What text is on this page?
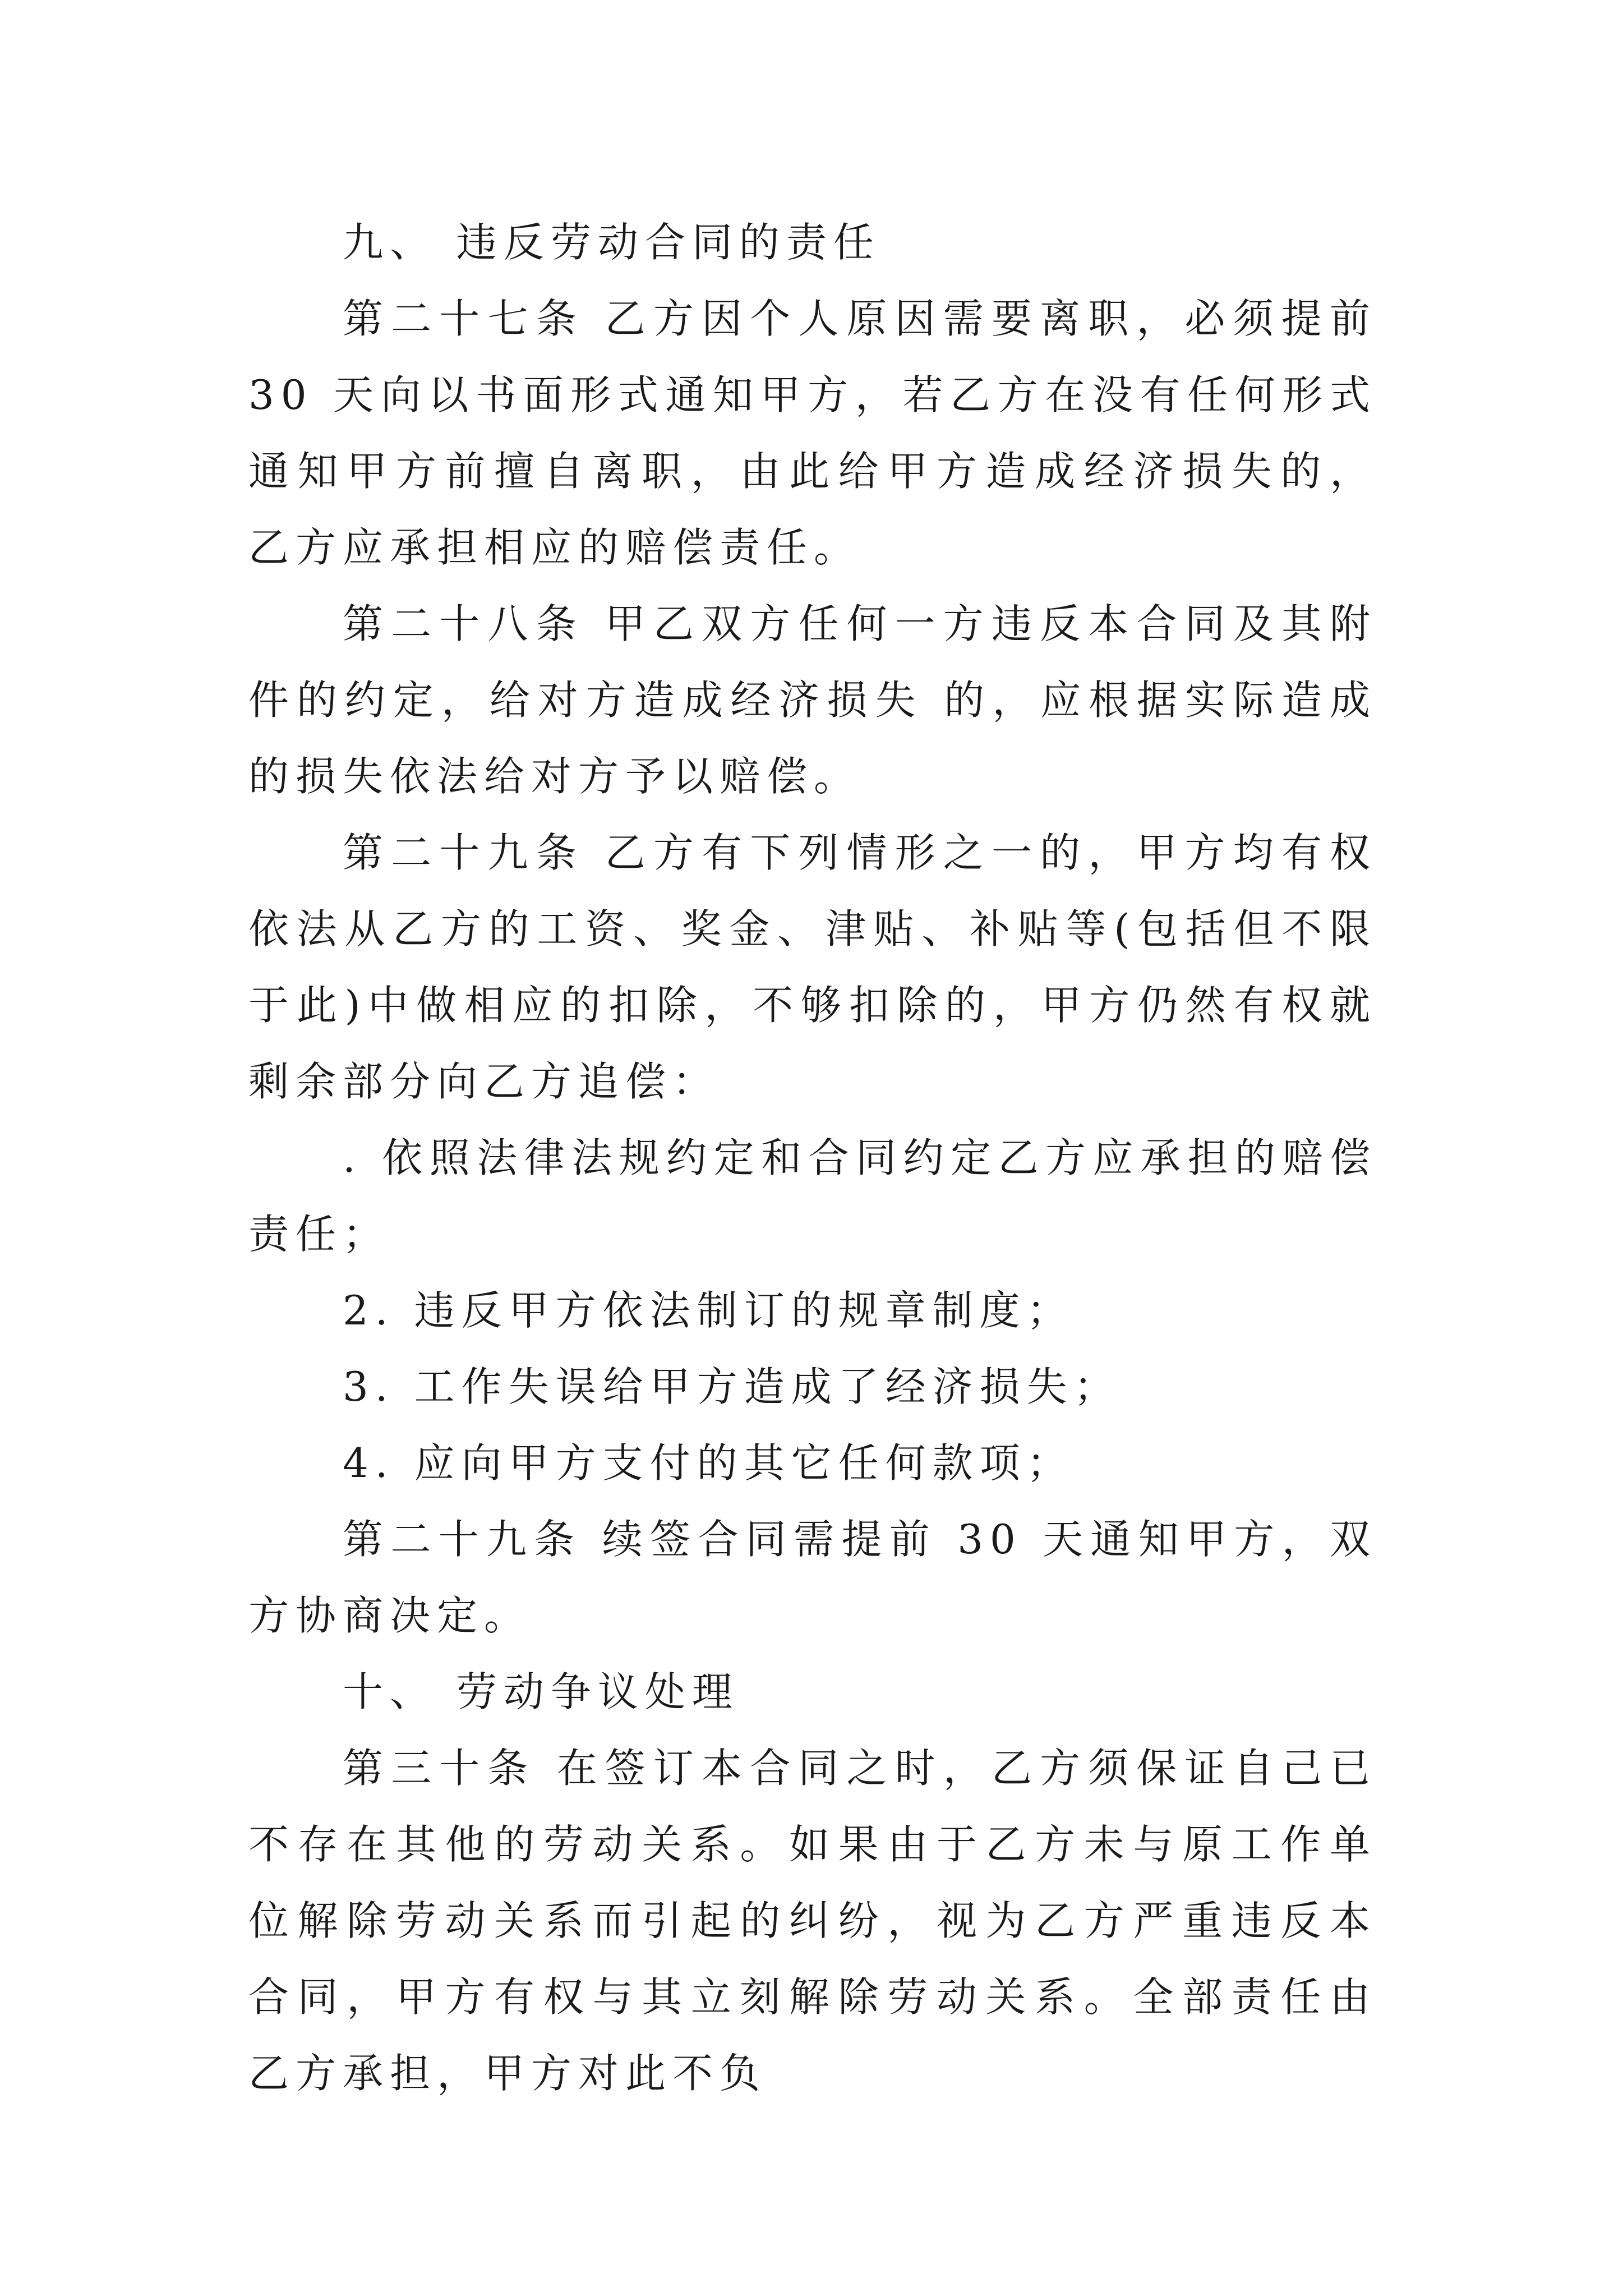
九、 违反劳动合同的责任

第二十七条 乙方因个人原因需要离职，必须提前 30 天向以书面形式通知甲方，若乙方在没有任何形式通知甲方前擅自离职，由此给甲方造成经济损失的，乙方应承担相应的赔偿责任。

第二十八条 甲乙双方任何一方违反本合同及其附件的约定，给对方造成经济损失 的，应根据实际造成的损失依法给对方予以赔偿。

第二十九条 乙方有下列情形之一的，甲方均有权依法从乙方的工资、奖金、津贴、补贴等(包括但不限于此)中做相应的扣除，不够扣除的，甲方仍然有权就剩余部分向乙方追偿：

. 依照法律法规约定和合同约定乙方应承担的赔偿责任；

2. 违反甲方依法制订的规章制度；

3. 工作失误给甲方造成了经济损失；

4. 应向甲方支付的其它任何款项；

第二十九条 续签合同需提前 30 天通知甲方，双方协商决定。

十、 劳动争议处理

第三十条 在签订本合同之时，乙方须保证自己已不存在其他的劳动关系。如果由于乙方未与原工作单位解除劳动关系而引起的纠纷，视为乙方严重违反本合同，甲方有权与其立刻解除劳动关系。全部责任由乙方承担，甲方对此不负
